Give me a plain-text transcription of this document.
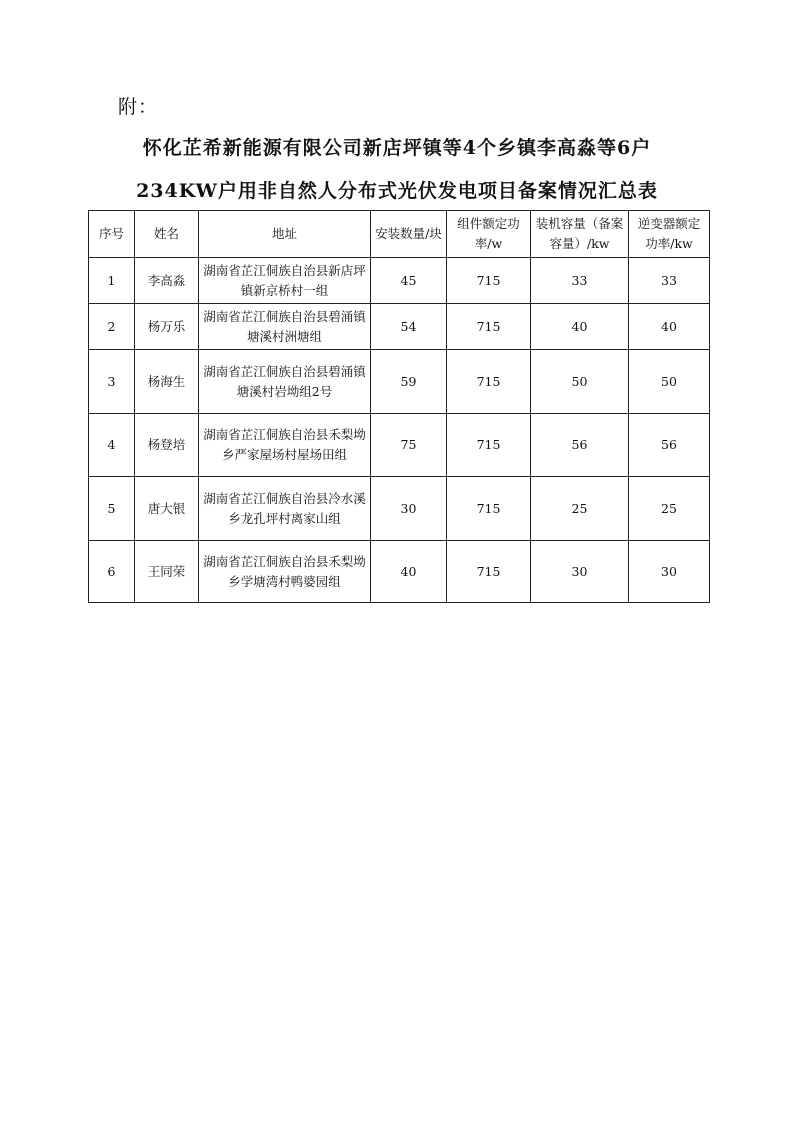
附：
怀化芷希新能源有限公司新店坪镇等4个乡镇李高淼等6户
234KW户用非自然人分布式光伏发电项目备案情况汇总表
序号	姓名	地址	安装数量/块	组件额定功率/w	装机容量（备案容量）/kw	逆变器额定功率/kw
1	李高淼	湖南省芷江侗族自治县新店坪镇新京桥村一组	45	715	33	33
2	杨万乐	湖南省芷江侗族自治县碧涌镇塘溪村洲塘组	54	715	40	40
3	杨海生	湖南省芷江侗族自治县碧涌镇塘溪村岩坳组2号	59	715	50	50
4	杨登培	湖南省芷江侗族自治县禾梨坳乡严家屋场村屋场田组	75	715	56	56
5	唐大银	湖南省芷江侗族自治县冷水溪乡龙孔坪村离家山组	30	715	25	25
6	王同荣	湖南省芷江侗族自治县禾梨坳乡学塘湾村鸭婆园组	40	715	30	30
